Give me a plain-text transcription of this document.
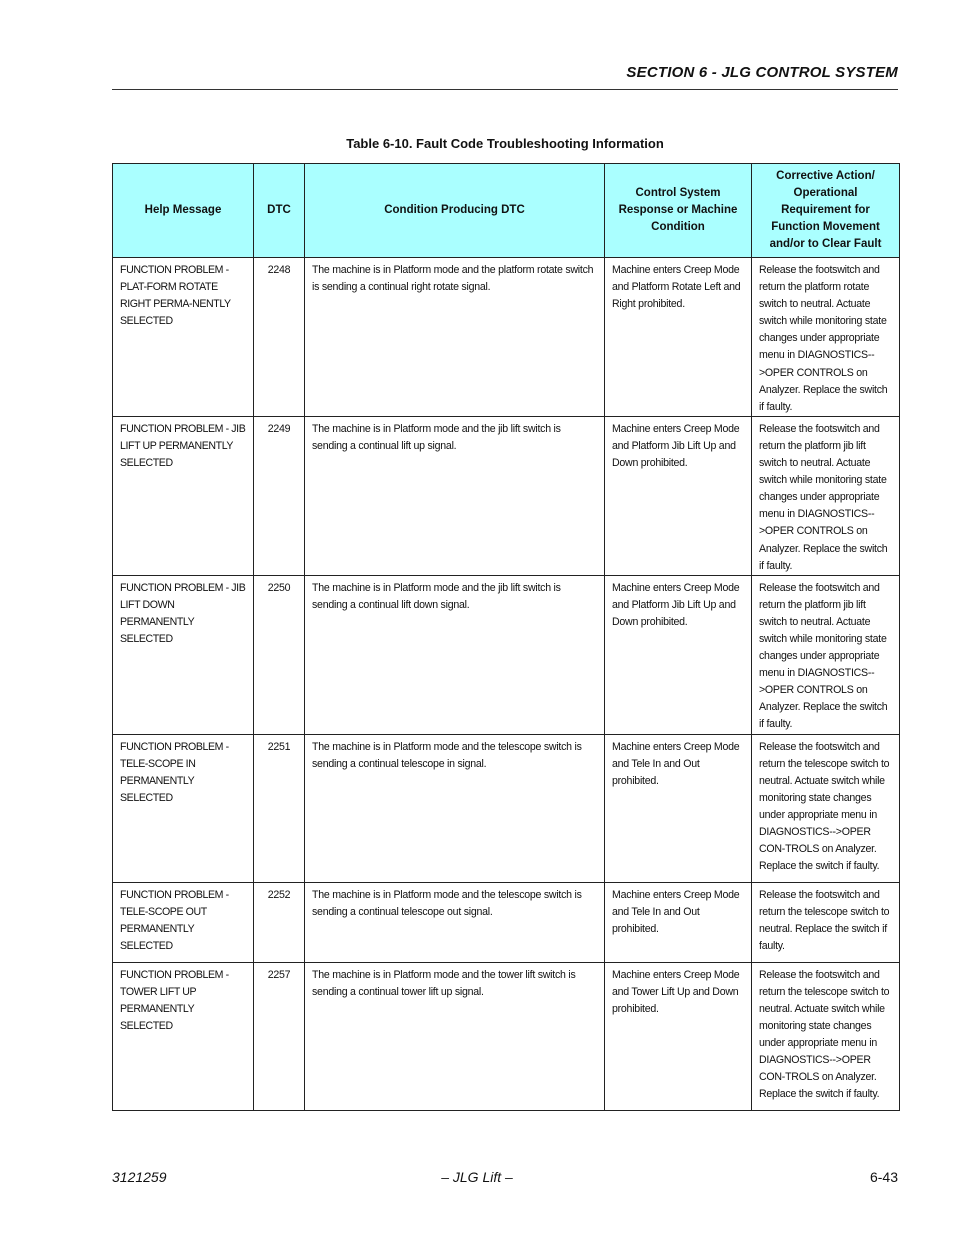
SECTION 6 - JLG CONTROL SYSTEM
Table 6-10. Fault Code Troubleshooting Information
Help Message	DTC	Condition Producing DTC	Control System Response or Machine Condition	Corrective Action/ Operational Requirement for Function Movement and/or to Clear Fault
FUNCTION PROBLEM - PLAT-FORM ROTATE RIGHT PERMA-NENTLY SELECTED	2248	The machine is in Platform mode and the platform rotate switch is sending a continual right rotate signal.	Machine enters Creep Mode and Platform Rotate Left and Right prohibited.	Release the footswitch and return the platform rotate switch to neutral. Actuate switch while monitoring state changes under appropriate menu in DIAGNOSTICS-->OPER CONTROLS on Analyzer. Replace the switch if faulty.
FUNCTION PROBLEM - JIB LIFT UP PERMANENTLY SELECTED	2249	The machine is in Platform mode and the jib lift switch is sending a continual lift up signal.	Machine enters Creep Mode and Platform Jib Lift Up and Down prohibited.	Release the footswitch and return the platform jib lift switch to neutral. Actuate switch while monitoring state changes under appropriate menu in DIAGNOSTICS-->OPER CONTROLS on Analyzer. Replace the switch if faulty.
FUNCTION PROBLEM - JIB LIFT DOWN PERMANENTLY SELECTED	2250	The machine is in Platform mode and the jib lift switch is sending a continual lift down signal.	Machine enters Creep Mode and Platform Jib Lift Up and Down prohibited.	Release the footswitch and return the platform jib lift switch to neutral. Actuate switch while monitoring state changes under appropriate menu in DIAGNOSTICS-->OPER CONTROLS on Analyzer. Replace the switch if faulty.
FUNCTION PROBLEM - TELE-SCOPE IN PERMANENTLY SELECTED	2251	The machine is in Platform mode and the telescope switch is sending a continual telescope in signal.	Machine enters Creep Mode and Tele In and Out prohibited.	Release the footswitch and return the telescope switch to neutral. Actuate switch while monitoring state changes under appropriate menu in DIAGNOSTICS-->OPER CON-TROLS on Analyzer. Replace the switch if faulty.
FUNCTION PROBLEM - TELE-SCOPE OUT PERMANENTLY SELECTED	2252	The machine is in Platform mode and the telescope switch is sending a continual telescope out signal.	Machine enters Creep Mode and Tele In and Out prohibited.	Release the footswitch and return the telescope switch to neutral. Replace the switch if faulty.
FUNCTION PROBLEM - TOWER LIFT UP PERMANENTLY SELECTED	2257	The machine is in Platform mode and the tower lift switch is sending a continual tower lift up signal.	Machine enters Creep Mode and Tower Lift Up and Down prohibited.	Release the footswitch and return the telescope switch to neutral. Actuate switch while monitoring state changes under appropriate menu in DIAGNOSTICS-->OPER CON-TROLS on Analyzer. Replace the switch if faulty.
3121259	– JLG Lift –	6-43
